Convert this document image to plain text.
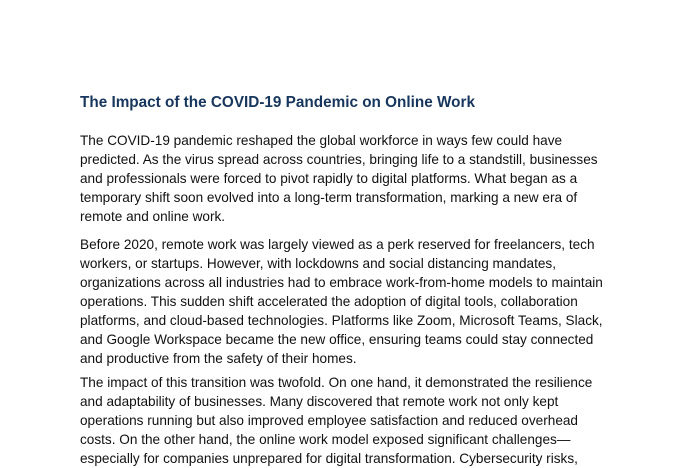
The Impact of the COVID-19 Pandemic on Online Work

The COVID-19 pandemic reshaped the global workforce in ways few could have
predicted. As the virus spread across countries, bringing life to a standstill, businesses
and professionals were forced to pivot rapidly to digital platforms. What began as a
temporary shift soon evolved into a long-term transformation, marking a new era of
remote and online work.

Before 2020, remote work was largely viewed as a perk reserved for freelancers, tech
workers, or startups. However, with lockdowns and social distancing mandates,
organizations across all industries had to embrace work-from-home models to maintain
operations. This sudden shift accelerated the adoption of digital tools, collaboration
platforms, and cloud-based technologies. Platforms like Zoom, Microsoft Teams, Slack,
and Google Workspace became the new office, ensuring teams could stay connected
and productive from the safety of their homes.

The impact of this transition was twofold. On one hand, it demonstrated the resilience
and adaptability of businesses. Many discovered that remote work not only kept
operations running but also improved employee satisfaction and reduced overhead
costs. On the other hand, the online work model exposed significant challenges—
especially for companies unprepared for digital transformation. Cybersecurity risks,
